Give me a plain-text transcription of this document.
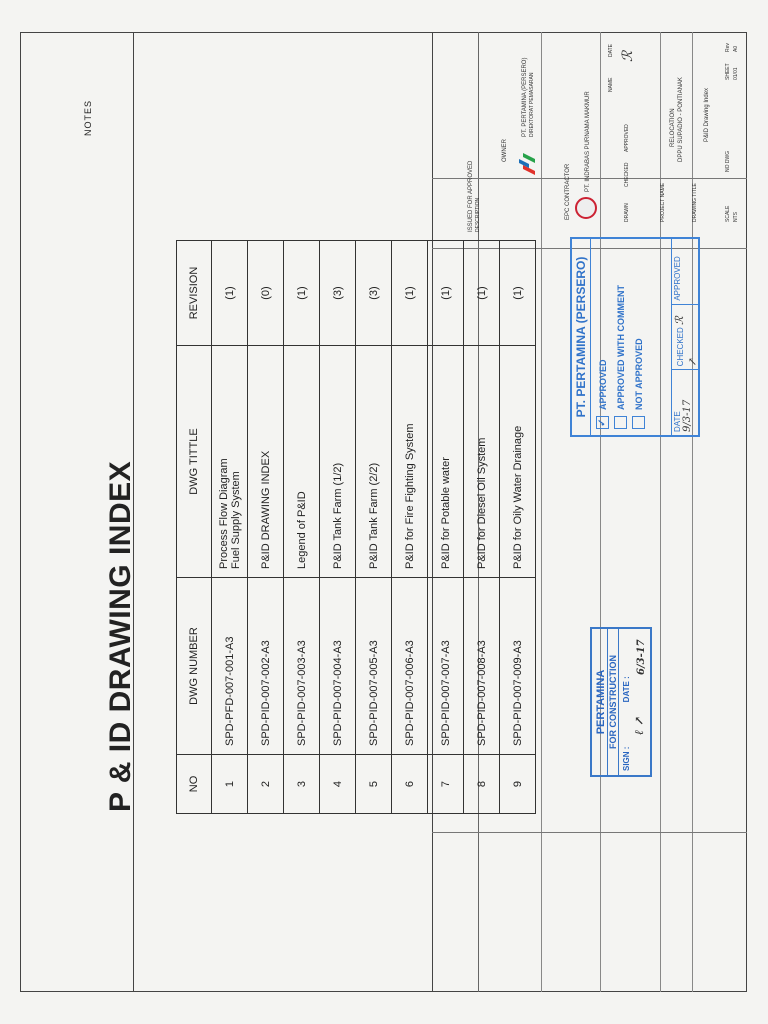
NOTES
P & ID DRAWING INDEX	NO	DWG NUMBER	DWG TITTLE	REVISION
1	SPD-PFD-007-001-A3	Process Flow Diagram
Fuel Supply System	(1)
2	SPD-PID-007-002-A3	P&ID DRAWING INDEX	(0)
3	SPD-PID-007-003-A3	Legend of P&ID	(1)
4	SPD-PID-007-004-A3	P&ID Tank Farm (1/2)	(3)
5	SPD-PID-007-005-A3	P&ID Tank Farm (2/2)	(3)
6	SPD-PID-007-006-A3	P&ID for Fire Fighting System	(1)
7	SPD-PID-007-007-A3	P&ID for Potable water	(1)
8	SPD-PID-007-008-A3	P&ID for Diesel Oil System	(1)
9	SPD-PID-007-009-A3	P&ID for Oily Water Drainage	(1)
PERTAMINA FOR CONSTRUCTION
SIGN :
ℓ ↗
DATE :
6/3-17
PT. PERTAMINA (PERSERO)
✓
APPROVED APPROVED WITH COMMENT NOT APPROVED
DATE
9/3-17
CHECKED ℛ ↗
APPROVED
ISSUED FOR APPROVED DESCRIPTION
OWNER
PT. PERTAMINA (PERSERO) DIREKTORAT PEMASARAN
EPC CONTRACTOR PT. INDRABAS PURNAMA MAKMUR
NAME
DATE
DRAWN
CHECKED
APPROVED
ℛ
PROJECT NAME
RELOCATION DPPU SUPADIO - PONTIANAK
DRAWING TITLE
P&ID Drawing Index
SCALE
NO DWG
SHEET
Rev
NTS
01/01
A0
